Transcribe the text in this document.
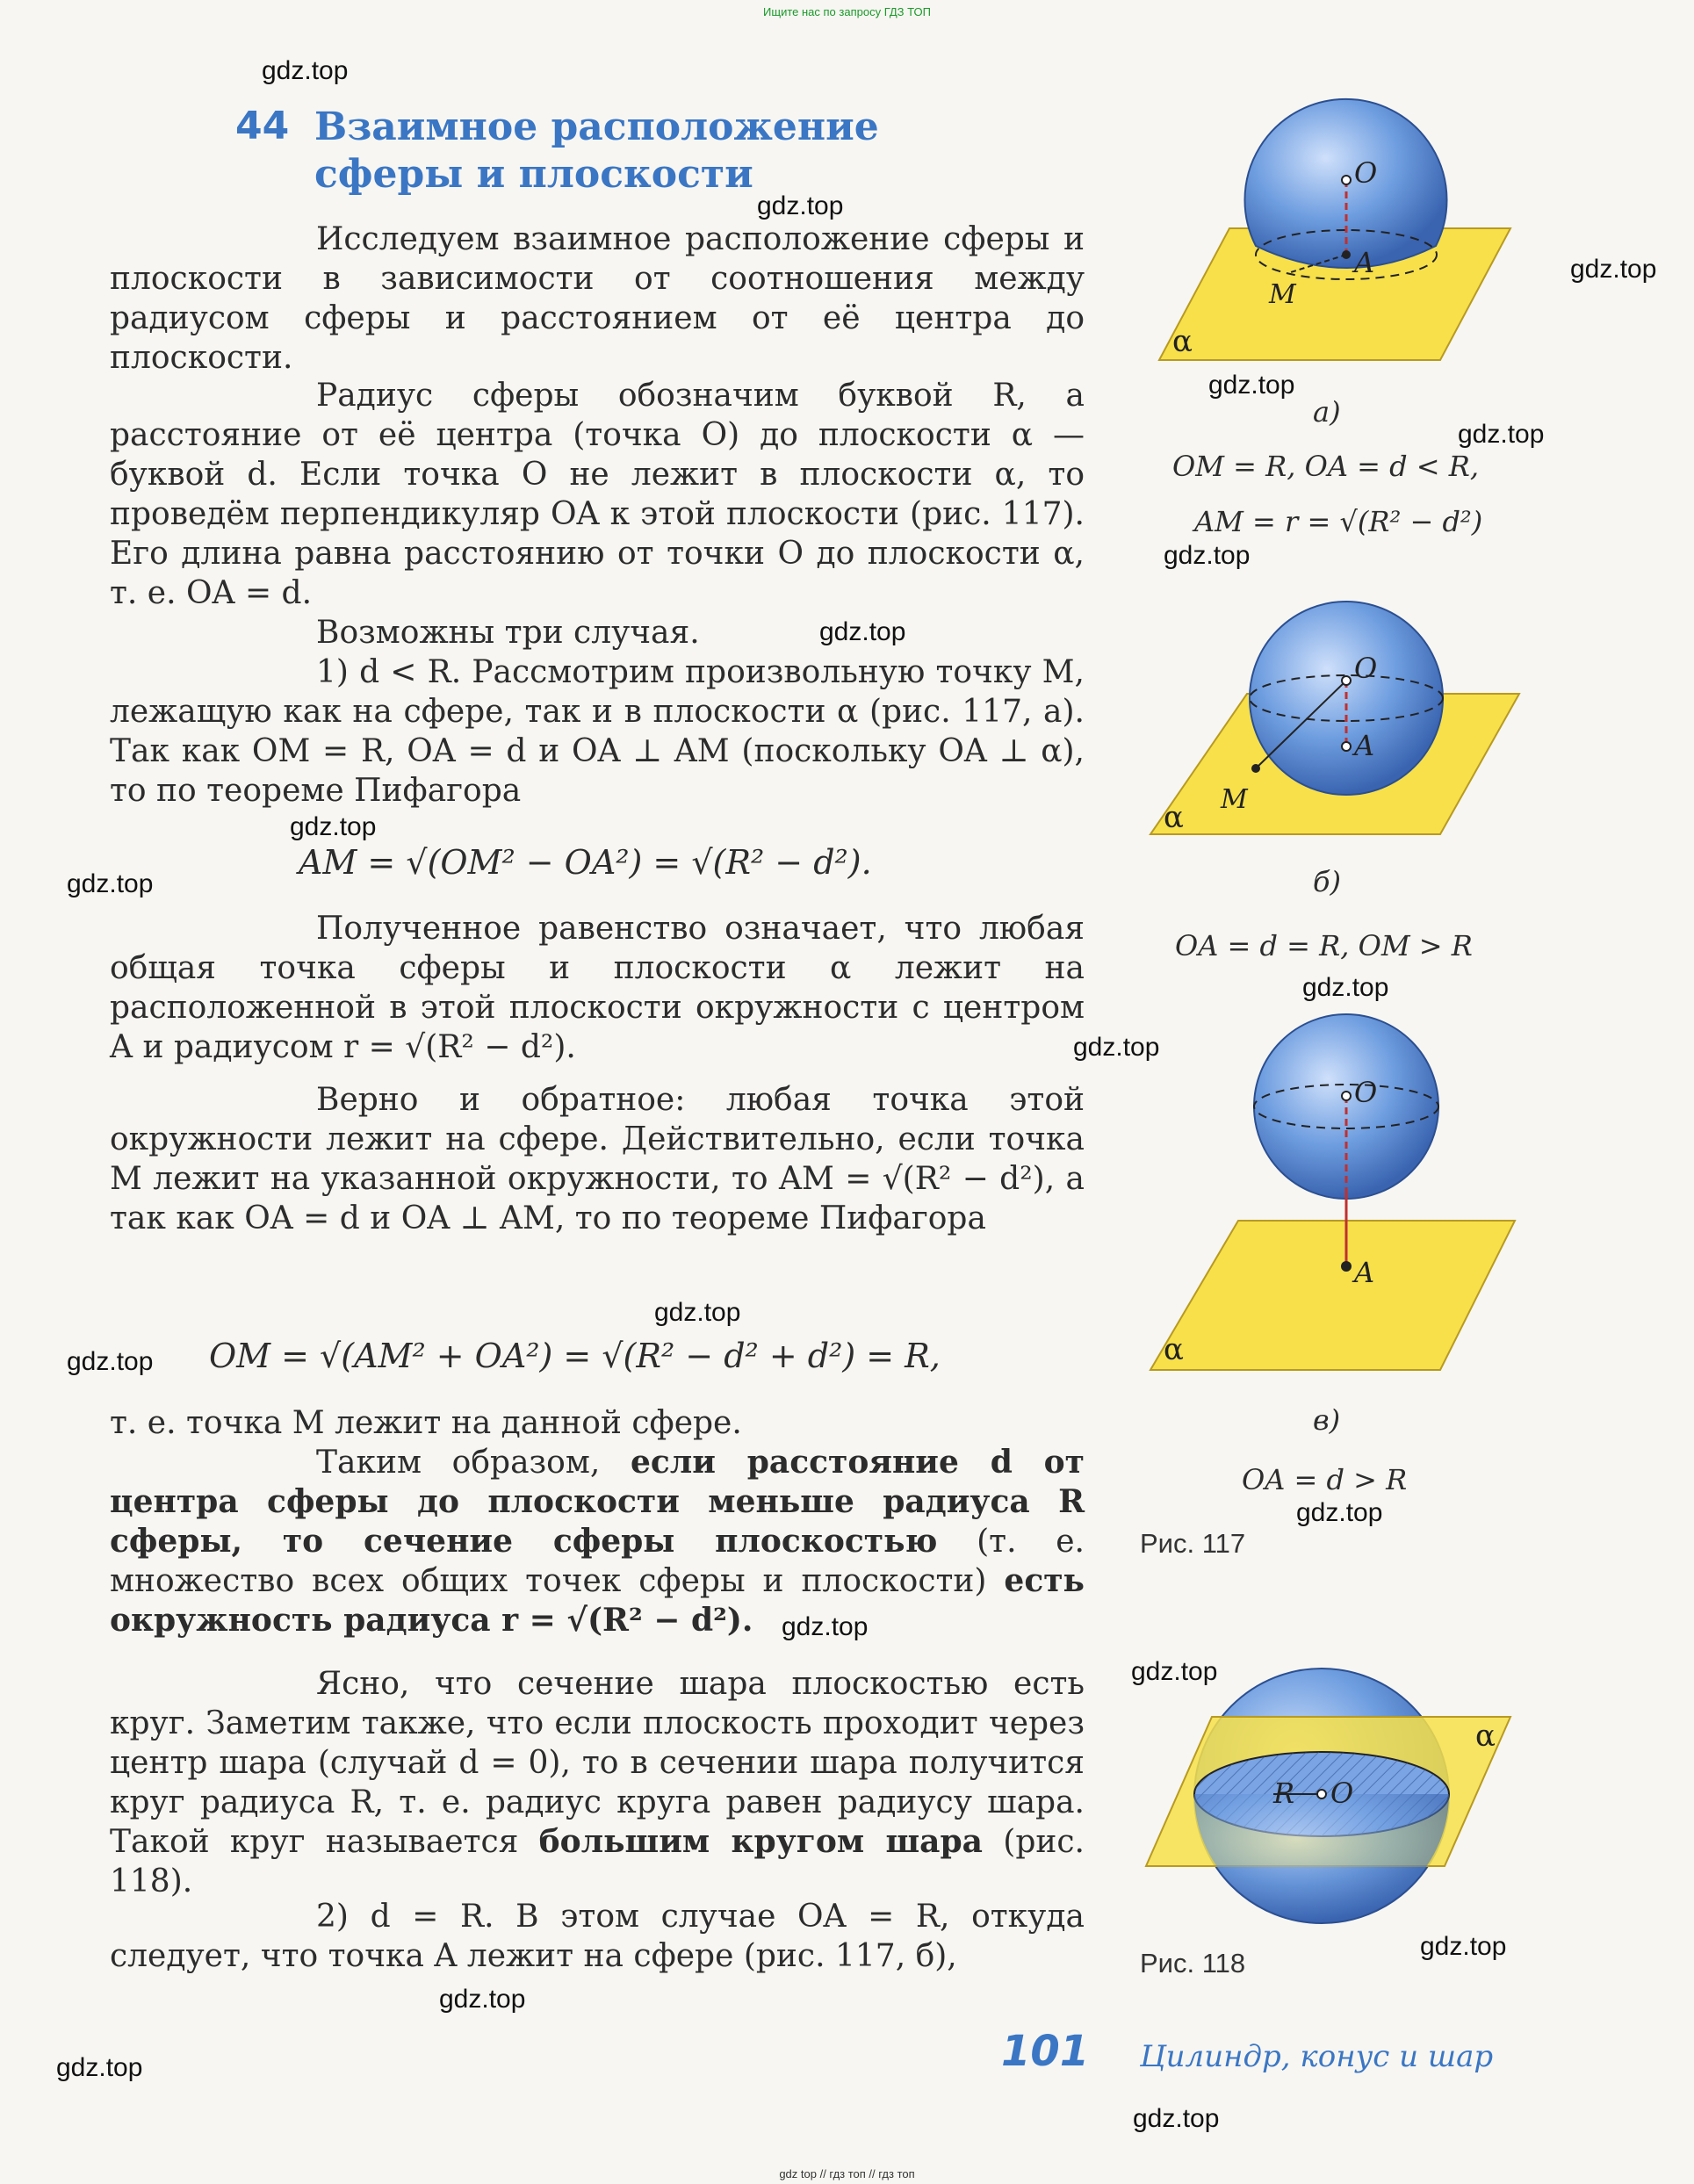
Ищите нас по запросу ГДЗ ТОП
gdz.top
gdz.top
gdz.top
gdz.top
gdz.top
gdz.top
gdz.top
gdz.top
gdz.top
gdz.top
gdz.top
gdz.top
gdz.top
gdz.top
gdz.top
gdz.top
gdz.top
gdz.top
gdz.top
gdz.top
44 Взаимное расположение
сферы и плоскости
Исследуем взаимное расположение сферы и плоскости в зависимости от соотношения между радиусом сферы и расстоянием от её центра до плоскости.
Радиус сферы обозначим буквой R, а расстояние от её центра (точка O) до плоскости α — буквой d. Если точка O не лежит в плоскости α, то проведём перпендикуляр OA к этой плоскости (рис. 117). Его длина равна расстоянию от точки O до плоскости α, т. е. OA = d.
Возможны три случая.
1) d < R. Рассмотрим произвольную точку M, лежащую как на сфере, так и в плоскости α (рис. 117, а). Так как OM = R, OA = d и OA ⊥ AM (поскольку OA ⊥ α), то по теореме Пифагора
AM = √(OM² − OA²) = √(R² − d²).
Полученное равенство означает, что любая общая точка сферы и плоскости α лежит на расположенной в этой плоскости окружности с центром A и радиусом r = √(R² − d²).
Верно и обратное: любая точка этой окружности лежит на сфере. Действительно, если точка M лежит на указанной окружности, то AM = √(R² − d²), а так как OA = d и OA ⊥ AM, то по теореме Пифагора
OM = √(AM² + OA²) = √(R² − d² + d²) = R,
т. е. точка M лежит на данной сфере.
Таким образом, если расстояние d от центра сферы до плоскости меньше радиуса R сферы, то сечение сферы плоскостью (т. е. множество всех общих точек сферы и плоскости) есть окружность радиуса r = √(R² − d²).
Ясно, что сечение шара плоскостью есть круг. Заметим также, что если плоскость проходит через центр шара (случай d = 0), то в сечении шара получится круг радиуса R, т. е. радиус круга равен радиусу шара. Такой круг называется большим кругом шара (рис. 118).
2) d = R. В этом случае OA = R, откуда следует, что точка A лежит на сфере (рис. 117, б),
O
A
M
α
а)
OM = R, OA = d < R,
AM = r = √(R² − d²)
O
A
M
α
б)
OA = d = R, OM > R
O
A
α
в)
OA = d > R
Рис. 117
O
R
α
Рис. 118
101 Цилиндр, конус и шар
gdz top // гдз топ // гдз топ
